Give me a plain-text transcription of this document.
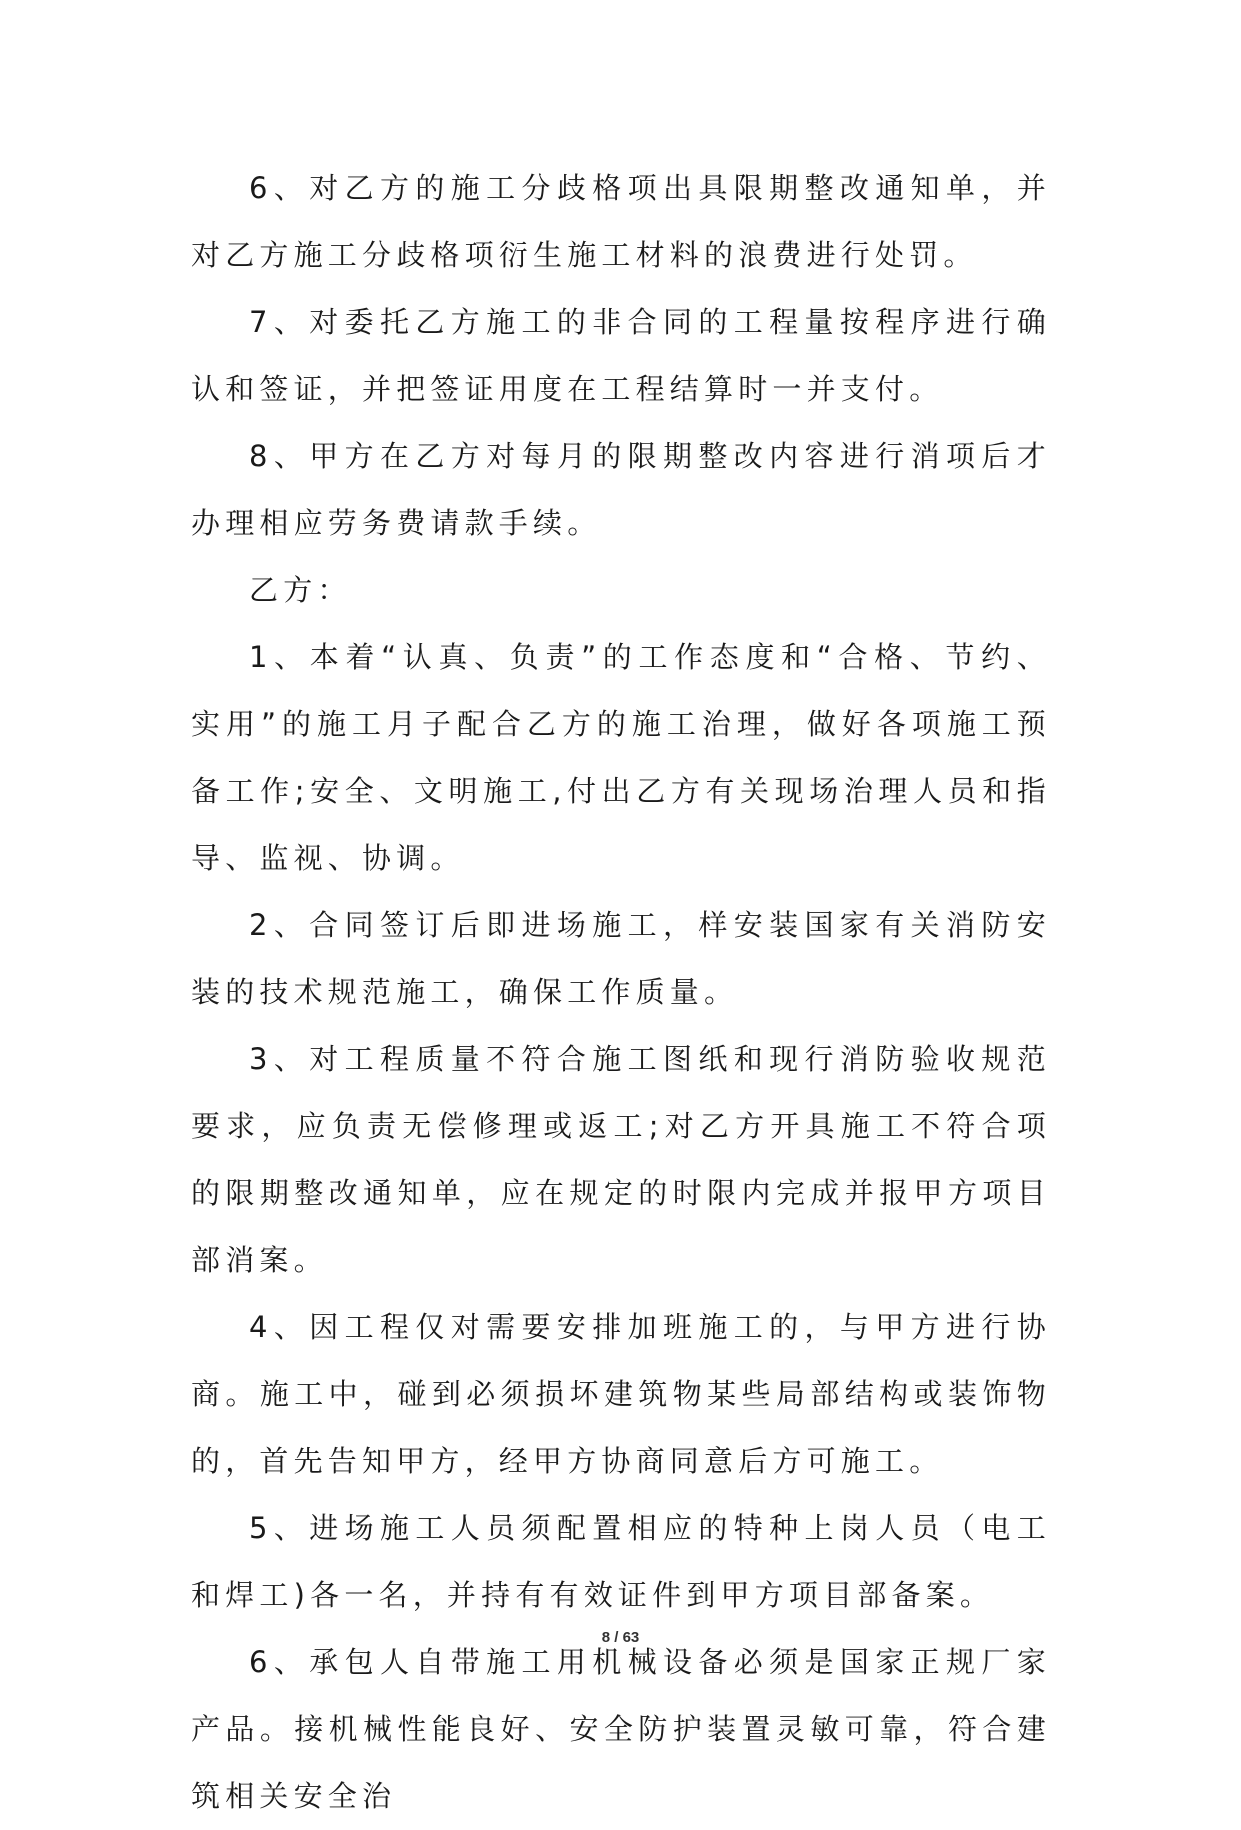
6、对乙方的施工分歧格项出具限期整改通知单，并对乙方施工分歧格项衍生施工材料的浪费进行处罚。

7、对委托乙方施工的非合同的工程量按程序进行确认和签证，并把签证用度在工程结算时一并支付。

8、甲方在乙方对每月的限期整改内容进行消项后才办理相应劳务费请款手续。

乙方：

1、本着“认真、负责”的工作态度和“合格、节约、实用”的施工月子配合乙方的施工治理，做好各项施工预备工作;安全、文明施工,付出乙方有关现场治理人员和指导、监视、协调。

2、合同签订后即进场施工，样安装国家有关消防安装的技术规范施工，确保工作质量。

3、对工程质量不符合施工图纸和现行消防验收规范要求，应负责无偿修理或返工;对乙方开具施工不符合项的限期整改通知单，应在规定的时限内完成并报甲方项目部消案。

4、因工程仅对需要安排加班施工的，与甲方进行协商。施工中，碰到必须损坏建筑物某些局部结构或装饰物的，首先告知甲方，经甲方协商同意后方可施工。

5、进场施工人员须配置相应的特种上岗人员（电工和焊工)各一名，并持有有效证件到甲方项目部备案。

6、承包人自带施工用机械设备必须是国家正规厂家产品。接机械性能良好、安全防护装置灵敏可靠，符合建筑相关安全治

8 / 63
